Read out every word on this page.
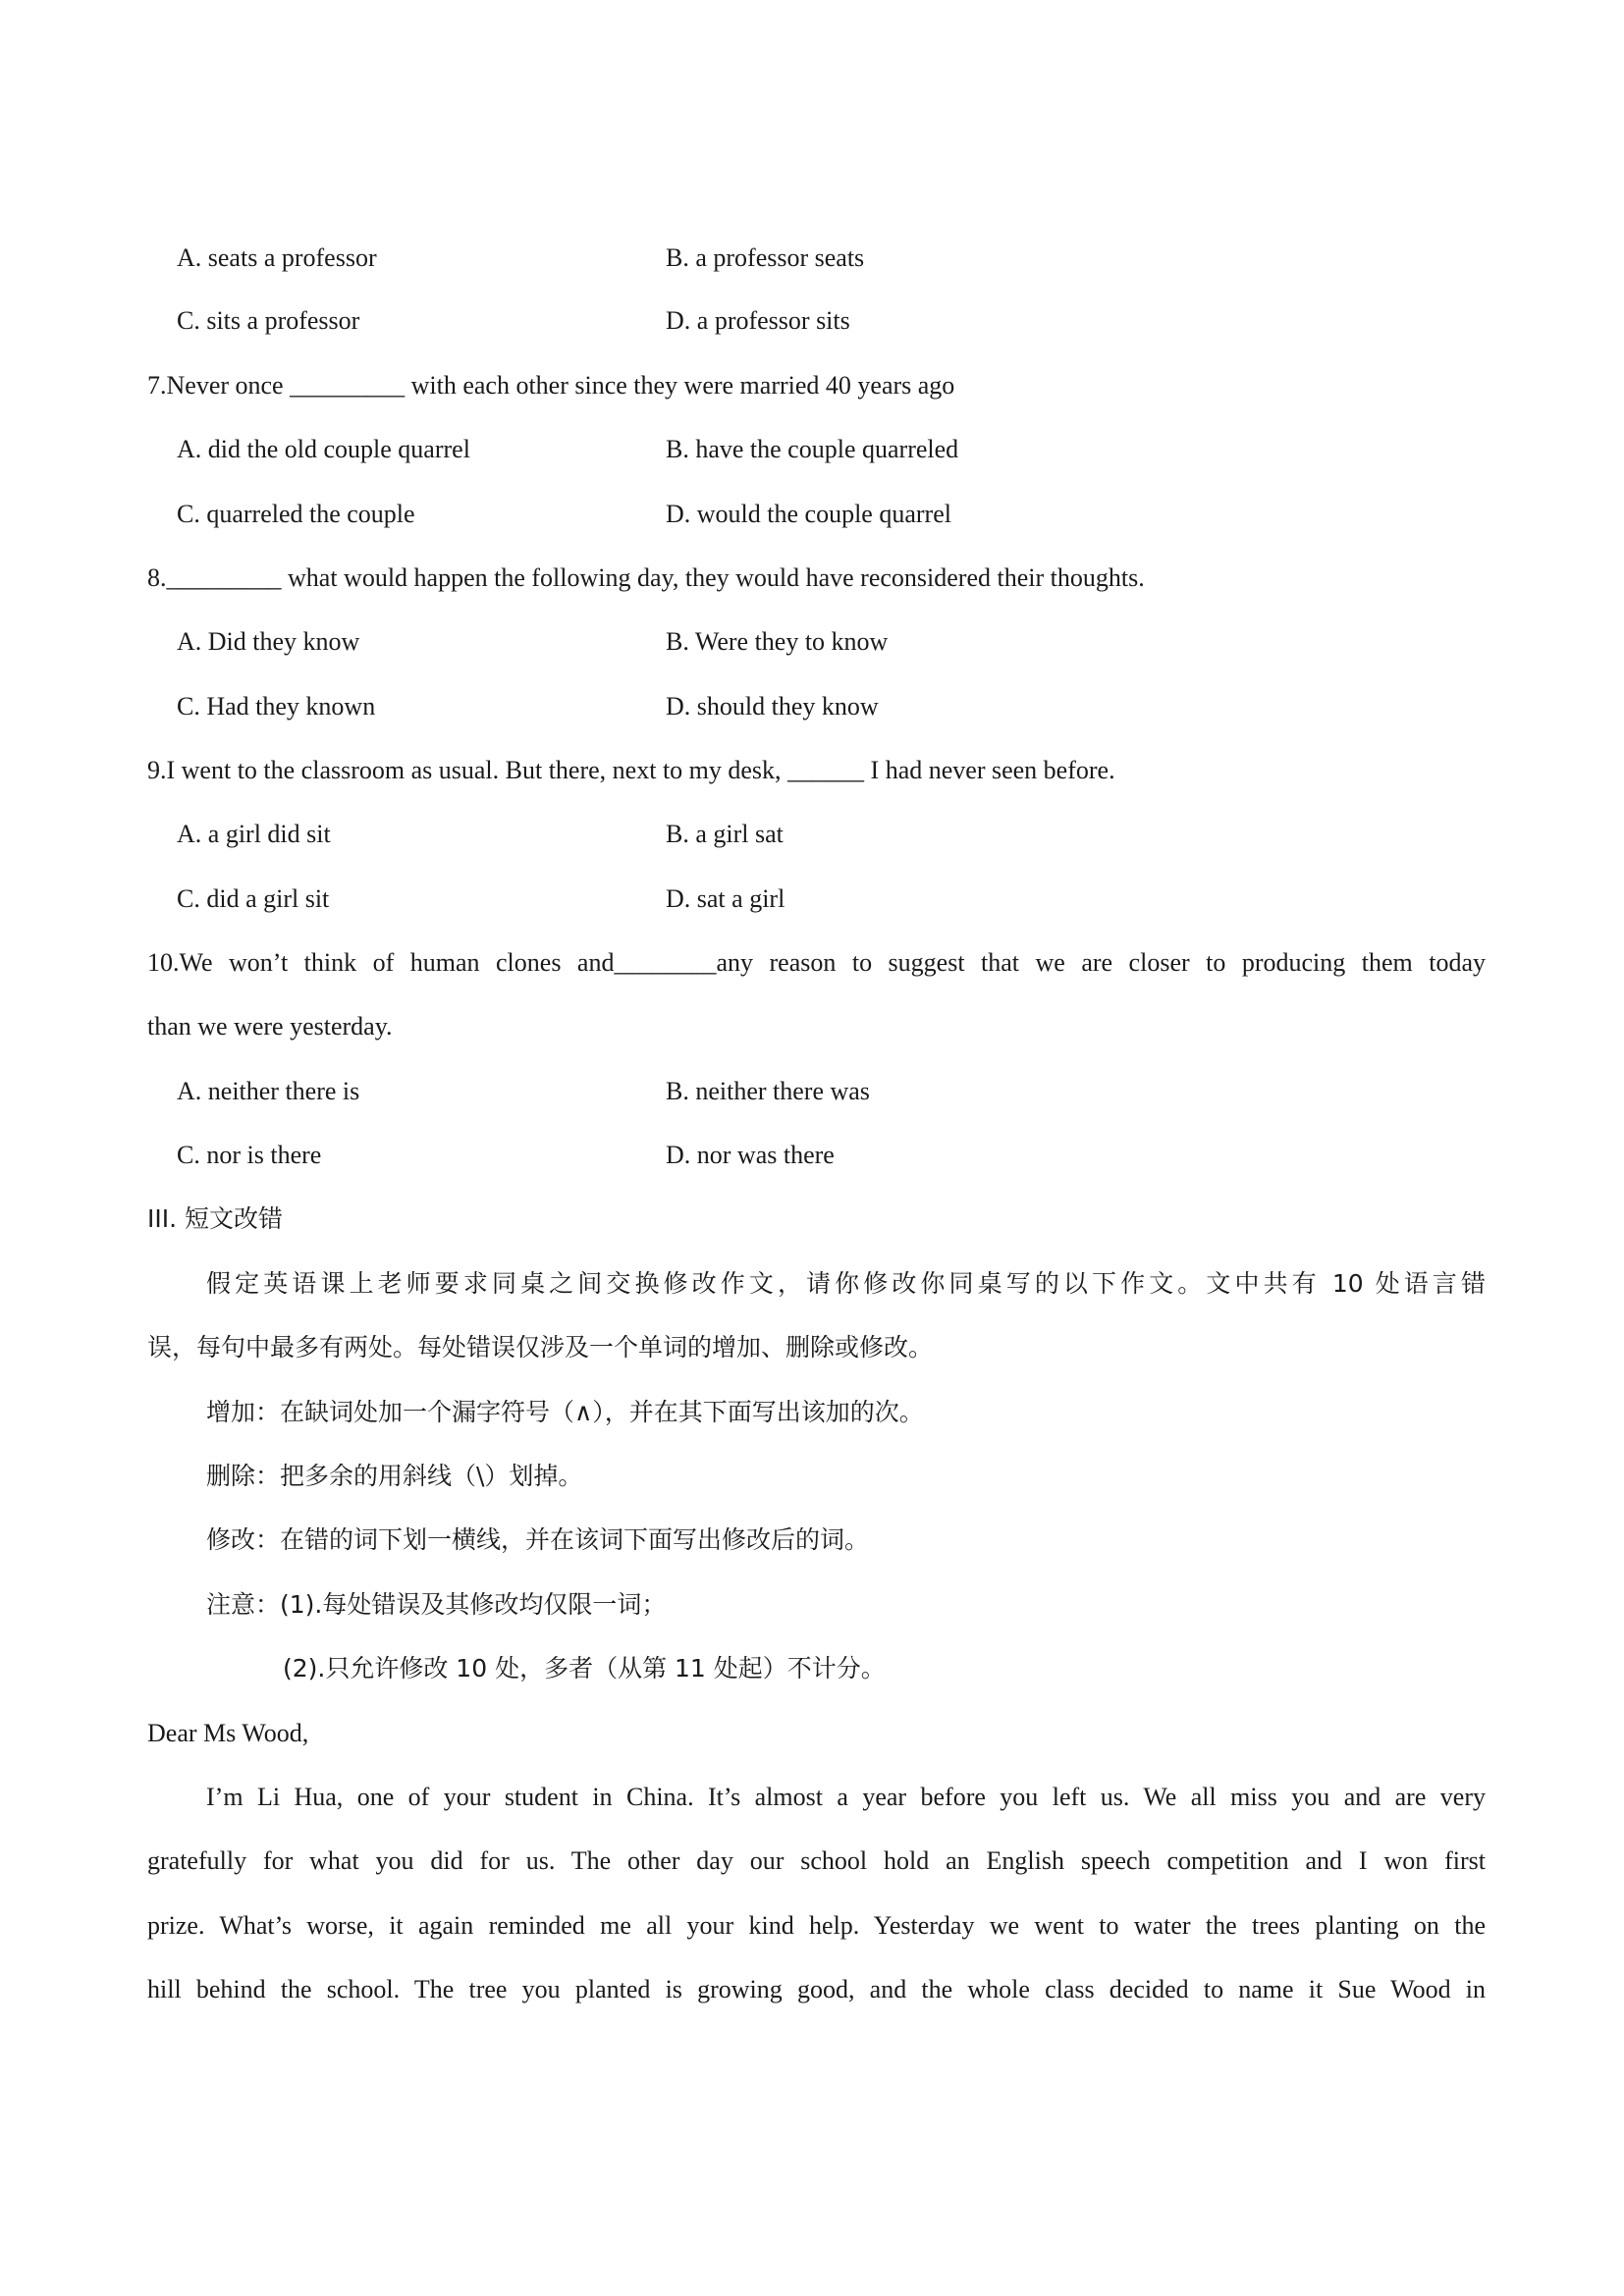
A. seats a professor	B. a professor seats
C. sits a professor	D. a professor sits
7.Never once _________ with each other since they were married 40 years ago
A. did the old couple quarrel	B. have the couple quarreled
C. quarreled the couple	D. would the couple quarrel
8._________ what would happen the following day, they would have reconsidered their thoughts.
A. Did they know	B. Were they to know
C. Had they known	D. should they know
9.I went to the classroom as usual. But there, next to my desk, ______ I had never seen before.
A. a girl did sit	B. a girl sat
C. did a girl sit	D. sat a girl
10.We won’t think of human clones and________any reason to suggest that we are closer to producing them today
than we were yesterday.
A. neither there is	B. neither there was
C. nor is there	D. nor was there
III. 短文改错
假定英语课上老师要求同桌之间交换修改作文，请你修改你同桌写的以下作文。文中共有 10 处语言错
误，每句中最多有两处。每处错误仅涉及一个单词的增加、删除或修改。
增加：在缺词处加一个漏字符号（∧），并在其下面写出该加的次。
删除：把多余的用斜线（\）划掉。
修改：在错的词下划一横线，并在该词下面写出修改后的词。
注意：(1).每处错误及其修改均仅限一词；
(2).只允许修改 10 处，多者（从第 11 处起）不计分。
Dear Ms Wood,
I’m Li Hua, one of your student in China. It’s almost a year before you left us. We all miss you and are very
gratefully for what you did for us. The other day our school hold an English speech competition and I won first
prize. What’s worse, it again reminded me all your kind help. Yesterday we went to water the trees planting on the
hill behind the school. The tree you planted is growing good, and the whole class decided to name it Sue Wood in
